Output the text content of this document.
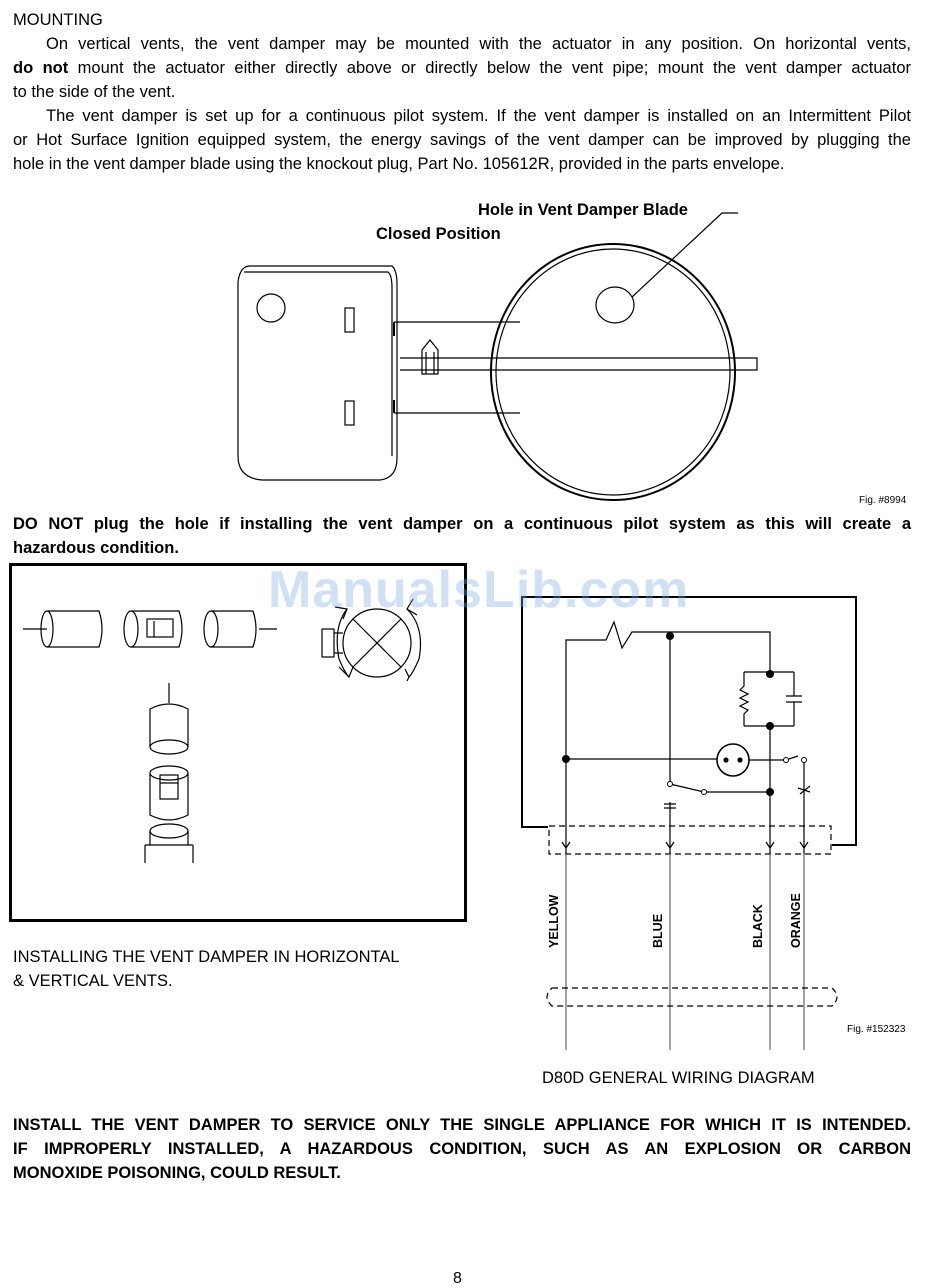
MOUNTING
On vertical vents, the vent damper may be mounted with the actuator in any position. On horizontal vents,
do not mount the actuator either directly above or directly below the vent pipe; mount the vent damper actuator
to the side of the vent.
The vent damper is set up for a continuous pilot system. If the vent damper is installed on an Intermittent Pilot
or Hot Surface Ignition equipped system, the energy savings of the vent damper can be improved by plugging the
hole in the vent damper blade using the knockout plug, Part No. 105612R, provided in the parts envelope.
Hole in Vent Damper Blade
Closed Position
Fig. #8994
DO NOT plug the hole if installing the vent damper on a continuous pilot system as this will create a
hazardous condition.
INSTALLING THE VENT DAMPER IN HORIZONTAL
& VERTICAL VENTS.
YELLOW	BLUE	BLACK ORANGE
Fig. #152323
D80D GENERAL WIRING DIAGRAM
ManualsLib.com
INSTALL THE VENT DAMPER TO SERVICE ONLY THE SINGLE APPLIANCE FOR WHICH IT IS INTENDED.
IF IMPROPERLY INSTALLED, A HAZARDOUS CONDITION, SUCH AS AN EXPLOSION OR CARBON
MONOXIDE POISONING, COULD RESULT.
8
